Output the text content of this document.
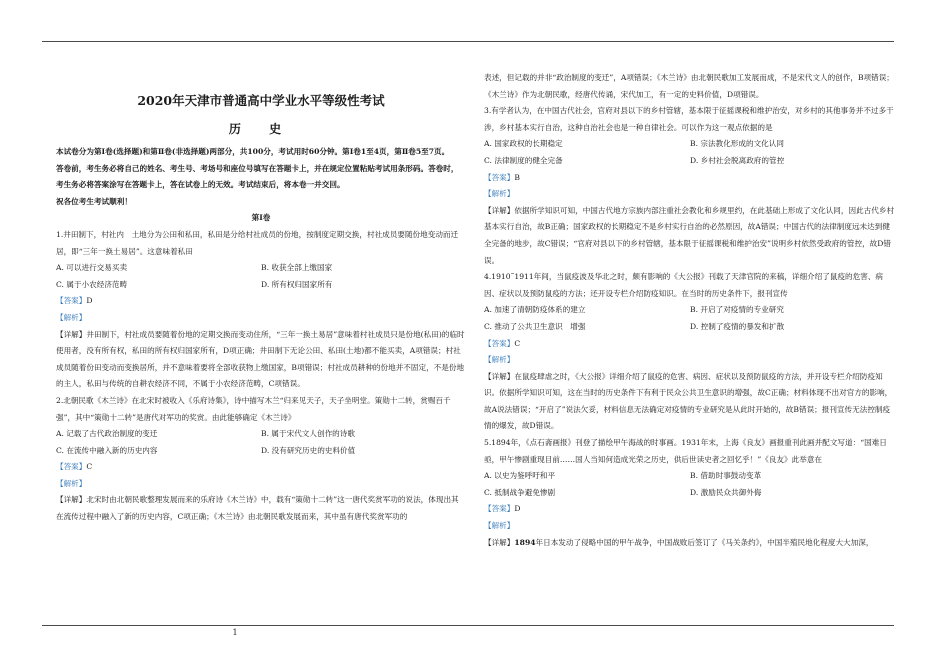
2020年天津市普通高中学业水平等级性考试
历 史

本试卷分为第Ⅰ卷(选择题)和第Ⅱ卷(非选择题)两部分，共100分，考试用时60分钟。第Ⅰ卷1至4页，第Ⅱ卷5至7页。

答卷前，考生务必将自己的姓名、考生号、考场号和座位号填写在答题卡上，并在规定位置粘贴考试用条形码。答卷时，考生务必将答案涂写在答题卡上，答在试卷上的无效。考试结束后，将本卷一并交回。

祝各位考生考试顺利！

第Ⅰ卷

1.井田制下，村社内　土地分为公田和私田，私田是分给村社成员的份地，按制度定期交换，村社成员要随份地变动而迁居，即“三年一换土易居”。这意味着私田

A. 可以进行交易买卖	B. 收获全部上缴国家
C. 属于小农经济范畴	D. 所有权归国家所有

【答案】D

【解析】

【详解】井田制下，村社成员要随着份地的定期交换而变动住所，“三年一换土易居”意味着村社成员只是份地(私田)的临时使用者，没有所有权，私田的所有权归国家所有，D项正确；井田制下无论公田、私田(土地)都不能买卖，A项错误；村社成员随着份田变动而变换居所，并不意味着要将全部收获物上缴国家，B项错误；村社成员耕种的份地并不固定，不是份地的主人，私田与传统的自耕农经济不同，不属于小农经济范畴，C项错误。

2.北朝民歌《木兰诗》在北宋时被收入《乐府诗集》，诗中描写木兰“归来见天子，天子坐明堂。策勋十二转，赏赐百千强”，其中“策勋十二转”是唐代对军功的奖赏。由此能够确定《木兰诗》

A. 记载了古代政治制度的变迁	B. 属于宋代文人创作的诗歌
C. 在流传中融入新的历史内容	D. 没有研究历史的史料价值

【答案】C

【解析】

【详解】北宋时由北朝民歌整理发展而来的乐府诗《木兰诗》中，载有“策勋十二转”这一唐代奖赏军功的说法，体现出其在流传过程中融入了新的历史内容，C项正确；《木兰诗》由北朝民歌发展而来，其中虽有唐代奖赏军功的

表述，但记载的并非“政治制度的变迁”，A项错误；《木兰诗》由北朝民歌加工发展而成，不是宋代文人的创作，B项错误；《木兰诗》作为北朝民歌，经唐代传诵，宋代加工，有一定的史料价值，D项错误。

3.有学者认为，在中国古代社会，官府对县以下的乡村管辖，基本限于征摇课税和维护治安，对乡村的其他事务并不过多干涉，乡村基本实行自治，这种自治社会也是一种自律社会。可以作为这一观点依据的是

A. 国家政权的长期稳定	B. 宗法教化形成的文化认同
C. 法律制度的健全完备	D. 乡村社会脱离政府的管控

【答案】B

【解析】

【详解】依据所学知识可知，中国古代地方宗族内部注重社会教化和乡规里约，在此基础上形成了文化认同，因此古代乡村基本实行自治，故B正确；国家政权的长期稳定不是乡村实行自治的必然原因，故A错误；中国古代的法律制度远未达到健全完备的地步，故C错误；“官府对县以下的乡村管辖，基本限于征摇课税和维护治安”说明乡村依然受政府的管控，故D错误。

4.1910˜1911年间，当鼠疫波及华北之时，颇有影响的《大公报》刊载了天津官院的来稿，详细介绍了鼠疫的危害、病因、症状以及预防鼠疫的方法；还开设专栏介绍防疫知识。在当时的历史条件下，报刊宣传

A. 加速了清朝防疫体系的建立	B. 开启了对疫情的专业研究
C. 推动了公共卫生意识　增强	D. 控制了疫情的暴发和扩散

【答案】C

【解析】

【详解】在鼠疫肆虐之时，《大公报》详细介绍了鼠疫的危害、病因、症状以及预防鼠疫的方法，并开设专栏介绍防疫知识。依据所学知识可知，这在当时的历史条件下有利于民众公共卫生意识的增强，故C正确；材料体现不出对官方的影响，故A说法错误；“开启了”说法欠妥，材料信息无法确定对疫情的专业研究是从此时开始的，故B错误；报刊宣传无法控制疫情的爆发，故D错误。

5.1894年，《点石斋画报》刊登了描绘甲午海战的时事画。1931年末，上海《良友》画报重刊此画并配文写道：“国难日亟，甲午惨剧重现目前……国人当知何造成光荣之历史，供后世读史者之回忆乎！”《良友》此举意在

A. 以史为鉴呼吁和平	B. 借助时事鼓动变革
C. 抵制战争避免惨剧	D. 激励民众共御外侮

【答案】D

【解析】

【详解】1894年日本发动了侵略中国的甲午战争，中国战败后签订了《马关条约》，中国半殖民地化程度大大加深，

1
